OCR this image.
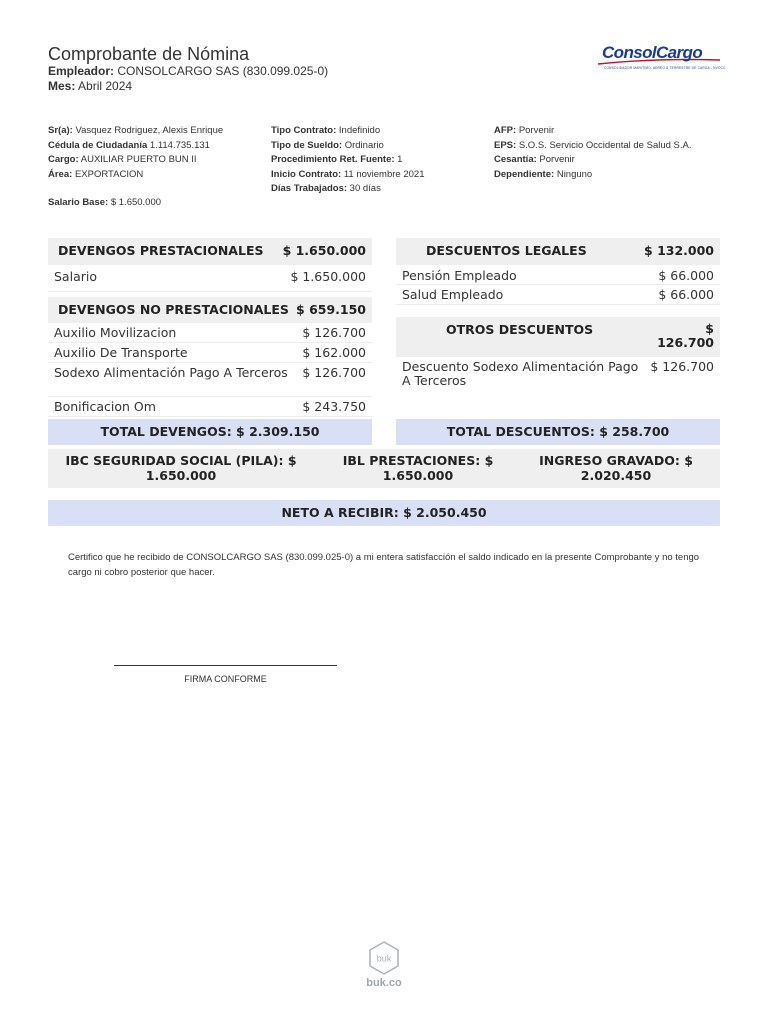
Comprobante de Nómina
Empleador: CONSOLCARGO SAS (830.099.025-0)
Mes: Abril 2024
ConsolCargo
CONSOLIDADOR MARITIMO, AEREO & TERRESTRE DE CARGA - NVOCC
Sr(a): Vasquez Rodriguez, Alexis Enrique
Cédula de Ciudadanía 1.114.735.131
Cargo: AUXILIAR PUERTO BUN II
Área: EXPORTACION
Tipo Contrato: Indefinido
Tipo de Sueldo: Ordinario
Procedimiento Ret. Fuente: 1
Inicio Contrato: 11 noviembre 2021
Días Trabajados: 30 días
AFP: Porvenir
EPS: S.O.S. Servicio Occidental de Salud S.A.
Cesantía: Porvenir
Dependiente: Ninguno
Salario Base: $ 1.650.000
DEVENGOS PRESTACIONALES $ 1.650.000
Salario	$ 1.650.000
DEVENGOS NO PRESTACIONALES $ 659.150
Auxilio Movilizacion	$ 126.700
Auxilio De Transporte	$ 162.000
Sodexo Alimentación Pago A Terceros	$ 126.700
Bonificacion Om	$ 243.750
DESCUENTOS LEGALES	$ 132.000
Pensión Empleado	$ 66.000
Salud Empleado	$ 66.000
OTROS DESCUENTOS	$ 126.700
Descuento Sodexo Alimentación Pago A Terceros
$ 126.700
TOTAL DEVENGOS: $ 2.309.150	TOTAL DESCUENTOS: $ 258.700
IBC SEGURIDAD SOCIAL (PILA): $
1.650.000
IBL PRESTACIONES: $
1.650.000
INGRESO GRAVADO: $
2.020.450
NETO A RECIBIR: $ 2.050.450
Certifico que he recibido de CONSOLCARGO SAS (830.099.025-0) a mi entera satisfacción el saldo indicado en la presente Comprobante y no tengo cargo ni cobro posterior que hacer.
FIRMA CONFORME
buk
buk.co
